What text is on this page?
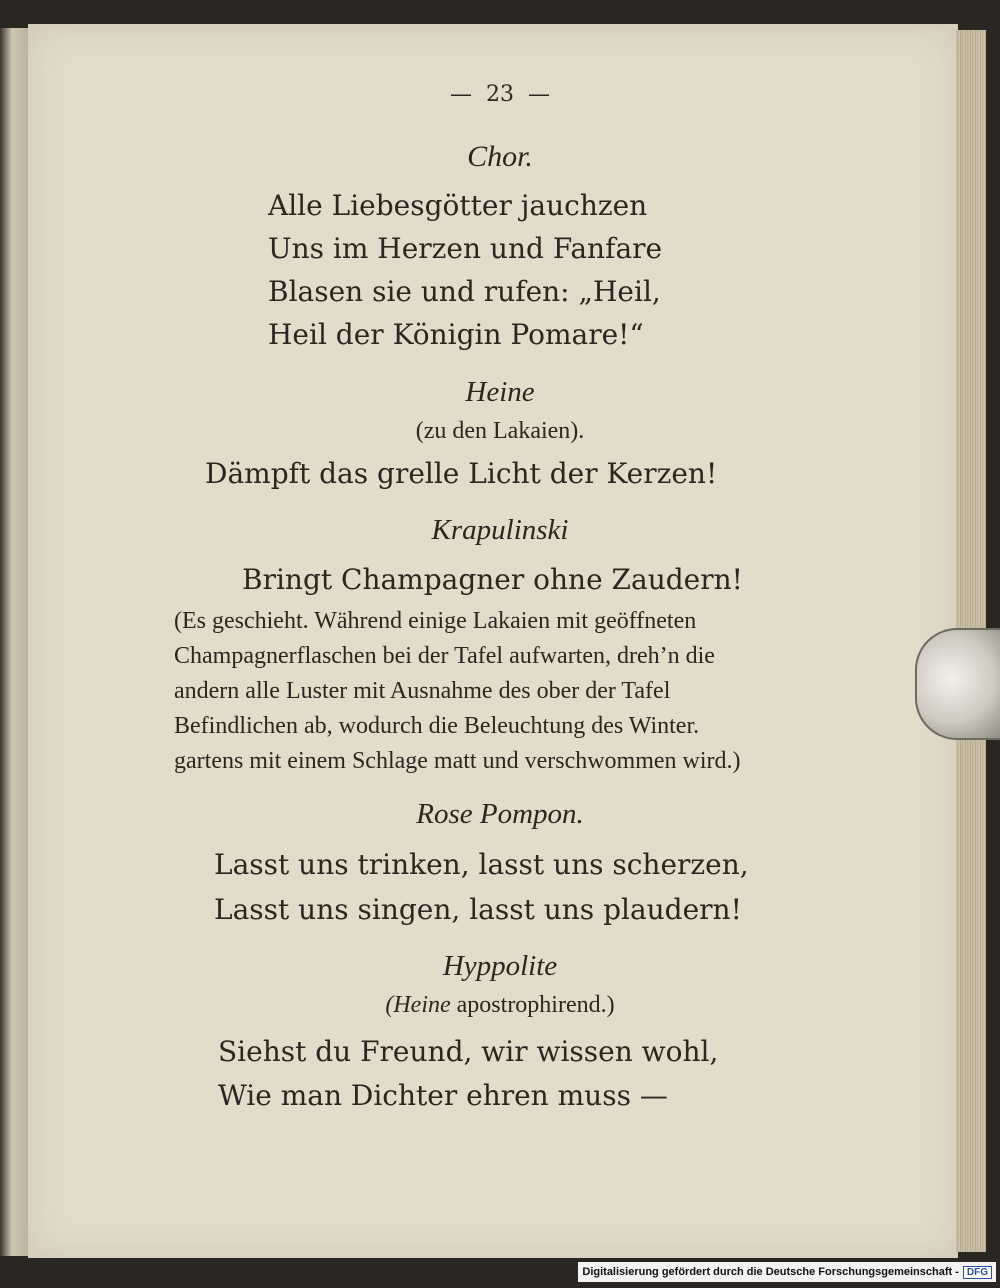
— 23 —
Chor.
Alle Liebesgötter jauchzen
Uns im Herzen und Fanfare
Blasen sie und rufen: „Heil,
Heil der Königin Pomare!“
Heine
(zu den Lakaien).
Dämpft das grelle Licht der Kerzen!
Krapulinski
Bringt Champagner ohne Zaudern!
(Es geschieht. Während einige Lakaien mit geöffneten
Champagnerflaschen bei der Tafel aufwarten, dreh’n die
andern alle Luster mit Ausnahme des ober der Tafel
Befindlichen ab, wodurch die Beleuchtung des Winter.
gartens mit einem Schlage matt und verschwommen wird.)
Rose Pompon.
Lasst uns trinken, lasst uns scherzen,
Lasst uns singen, lasst uns plaudern!
Hyppolite
(Heine apostrophirend.)
Siehst du Freund, wir wissen wohl,
Wie man Dichter ehren muss —
Digitalisierung gefördert durch die Deutsche Forschungsgemeinschaft - DFG
